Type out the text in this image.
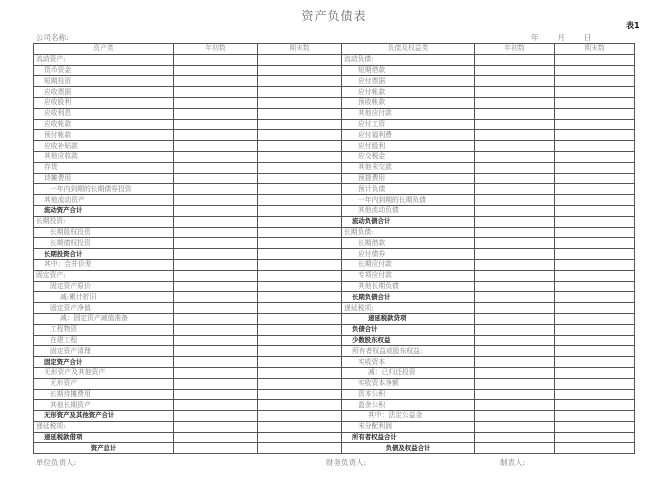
资产负债表
表1
公司名称:	年	月	日
资产类	年初数	期末数	负债及权益类	年初数	期末数
流动资产:			流动负债:		
货币资金			短期借款		
短期投资			应付票据		
应收票据			应付帐款		
应收股利			预收帐款		
应收利息			其他应付款		
应收帐款			应付工资		
预付帐款			应付福利费		
应收补贴款			应付股利		
其他应收款			应交税金		
存货			其他未交款		
待摊费用			预提费用		
一年内到期的长期债券投资			预计负债		
其他流动资产			一年内到期的长期负债		
流动资产合计			其他流动负债		
长期投资:			流动负债合计		
长期股权投资			长期负债:		
长期债权投资			长期借款		
长期投资合计			应付债券		
其中：合并价差			长期应付款		
固定资产:			专项应付款		
固定资产原价			其他长期负债		
减:累计折旧			长期负债合计		
固定资产净值			递延税项:		
减：固定资产减值准备			递延税款贷项		
工程物资			负债合计		
在建工程			少数股东权益		
固定资产清理			所有者权益或股东权益:		
固定资产合计			实收资本		
无形资产及其他资产			减：已归还投资		
无形资产			实收资本净额		
长期待摊费用			资本公积		
其他长期资产			盈余公积		
无形资产及其他资产合计			其中：法定公益金		
递延税项:			未分配利润		
递延税款借项			所有者权益合计		
资产总计			负债及权益合计		
单位负责人:	财务负责人:	制表人:
